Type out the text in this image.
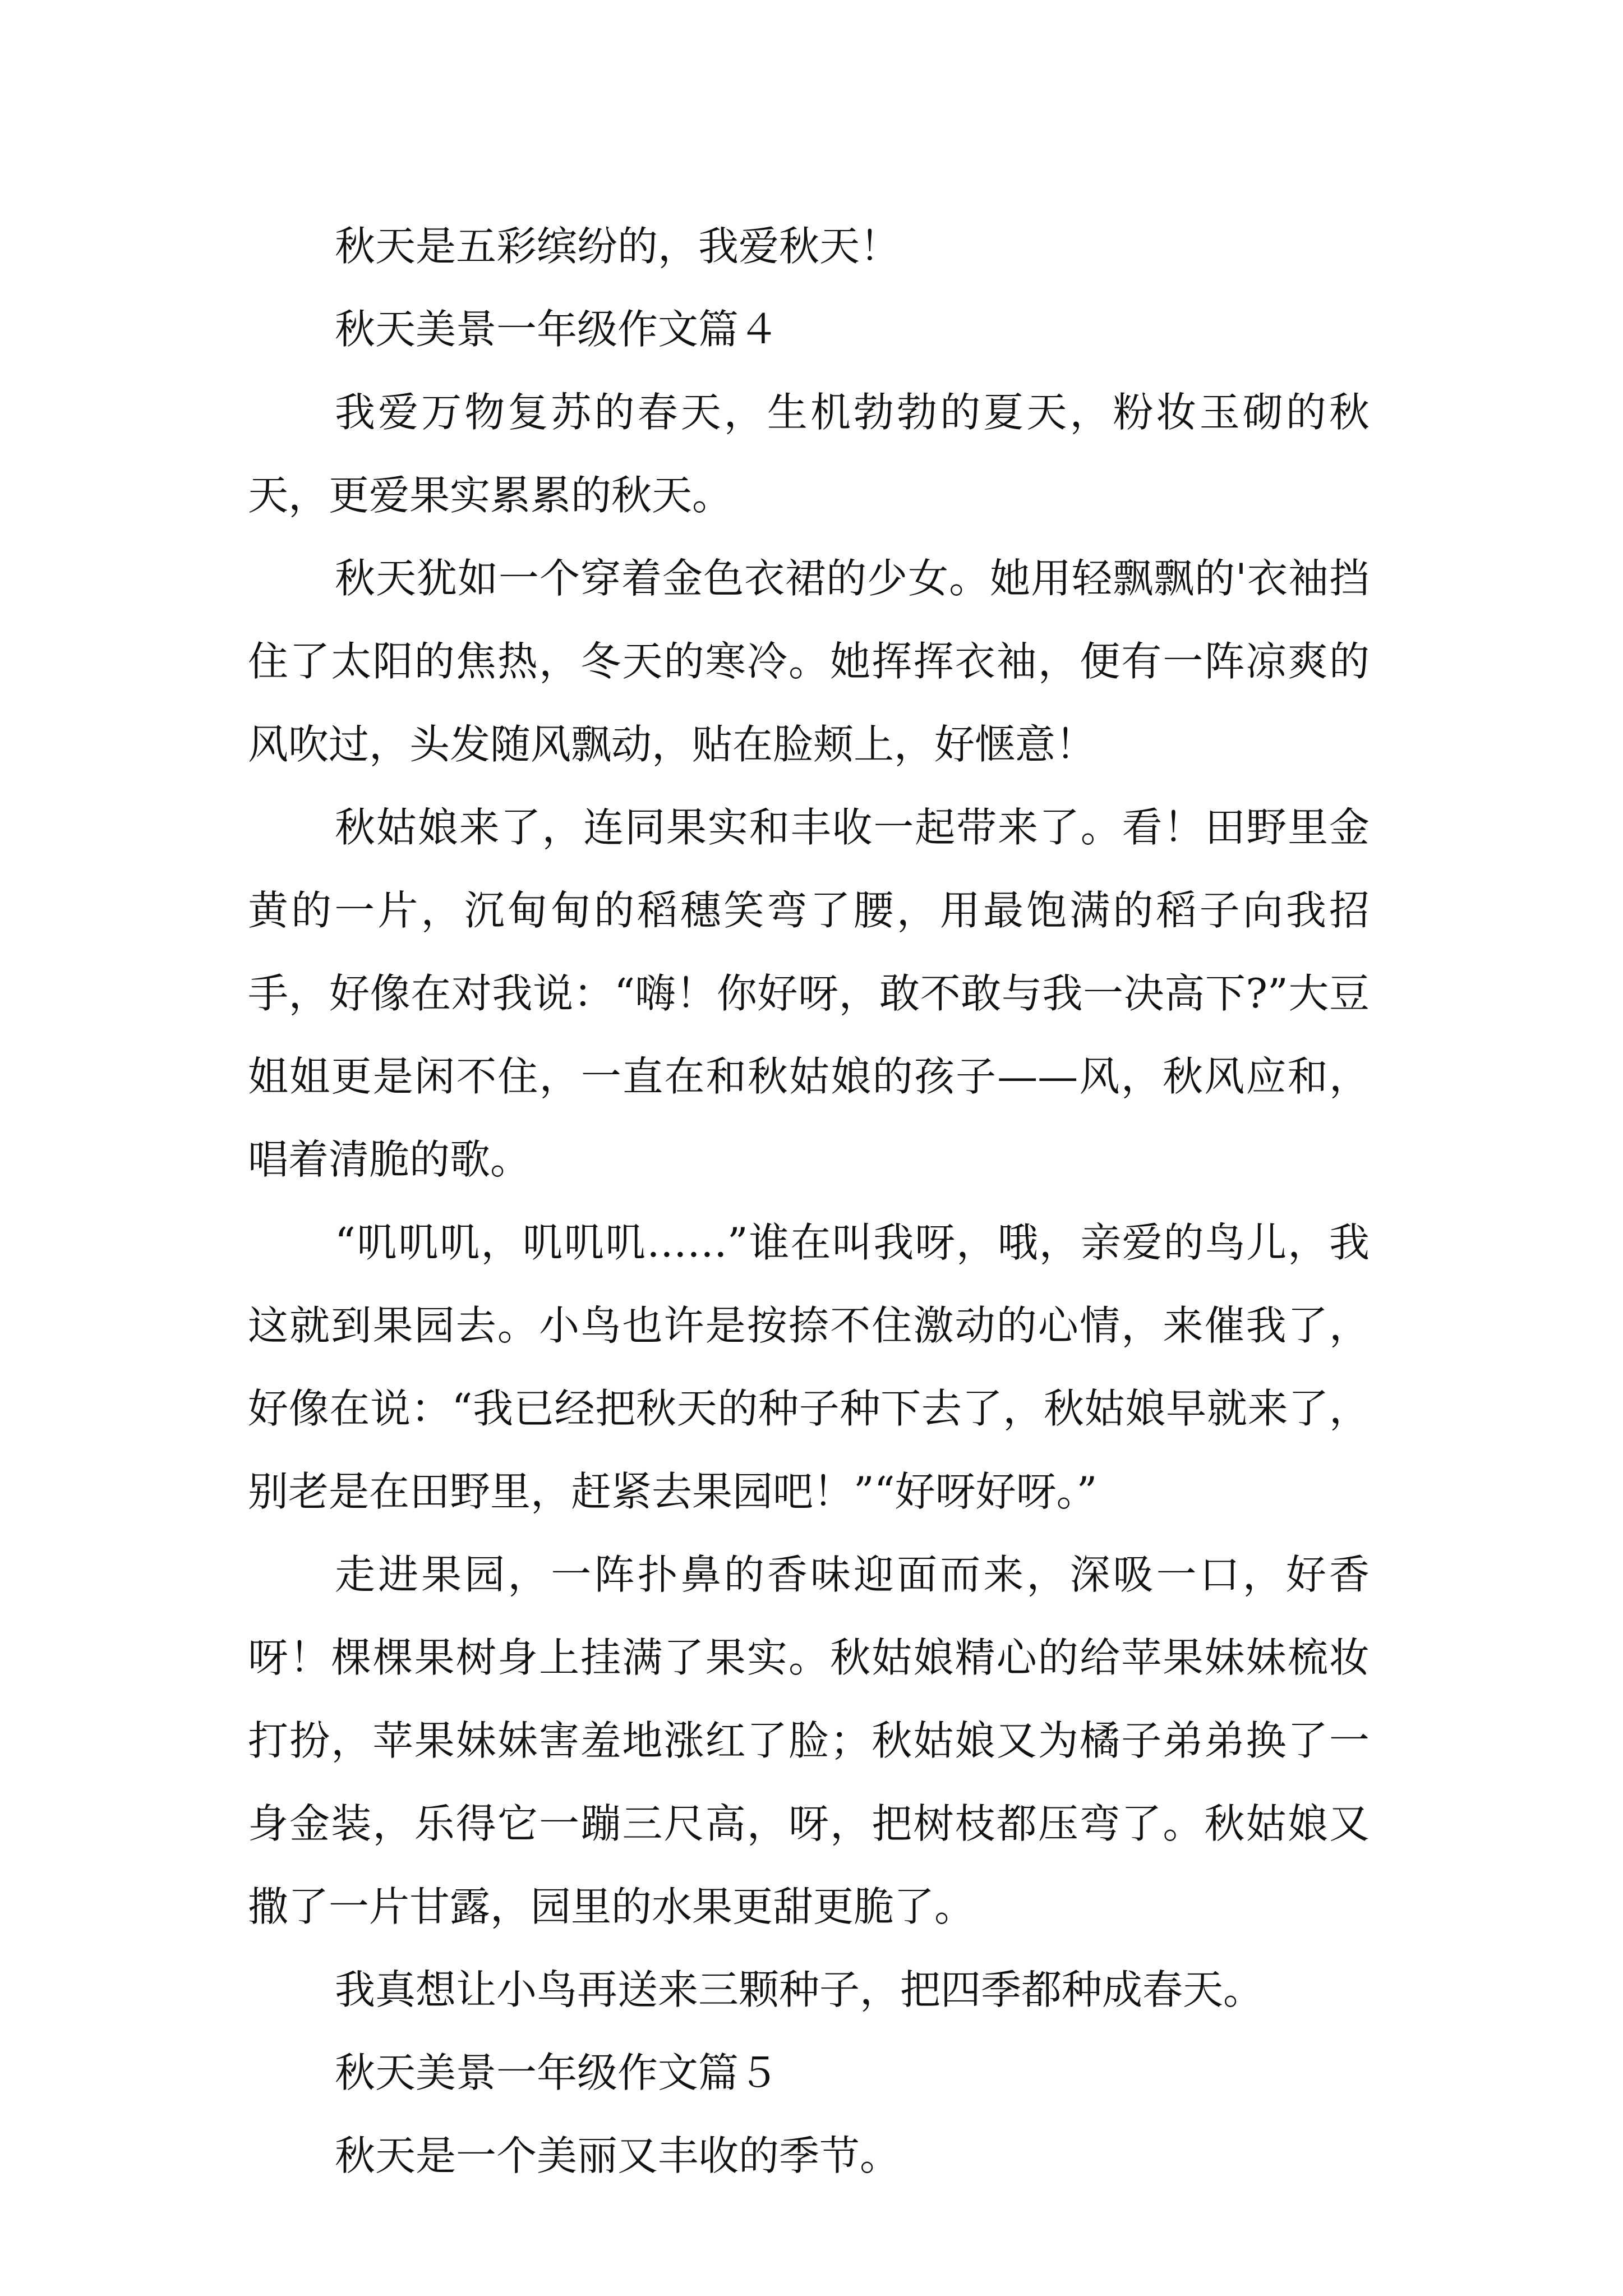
秋天是五彩缤纷的，我爱秋天！

秋天美景一年级作文篇４

我爱万物复苏的春天，生机勃勃的夏天，粉妆玉砌的秋天，更爱果实累累的秋天。

秋天犹如一个穿着金色衣裙的少女。她用轻飘飘的'衣袖挡住了太阳的焦热，冬天的寒冷。她挥挥衣袖，便有一阵凉爽的风吹过，头发随风飘动，贴在脸颊上，好惬意！

秋姑娘来了，连同果实和丰收一起带来了。看！田野里金黄的一片，沉甸甸的稻穗笑弯了腰，用最饱满的稻子向我招手，好像在对我说：“嗨！你好呀，敢不敢与我一决高下?”大豆姐姐更是闲不住，一直在和秋姑娘的孩子——风，秋风应和，唱着清脆的歌。

“叽叽叽，叽叽叽……”谁在叫我呀，哦，亲爱的鸟儿，我这就到果园去。小鸟也许是按捺不住激动的心情，来催我了，好像在说：“我已经把秋天的种子种下去了，秋姑娘早就来了，别老是在田野里，赶紧去果园吧！”“好呀好呀。”

走进果园，一阵扑鼻的香味迎面而来，深吸一口，好香呀！棵棵果树身上挂满了果实。秋姑娘精心的给苹果妹妹梳妆打扮，苹果妹妹害羞地涨红了脸；秋姑娘又为橘子弟弟换了一身金装，乐得它一蹦三尺高，呀，把树枝都压弯了。秋姑娘又撒了一片甘露，园里的水果更甜更脆了。

我真想让小鸟再送来三颗种子，把四季都种成春天。

秋天美景一年级作文篇５

秋天是一个美丽又丰收的季节。
